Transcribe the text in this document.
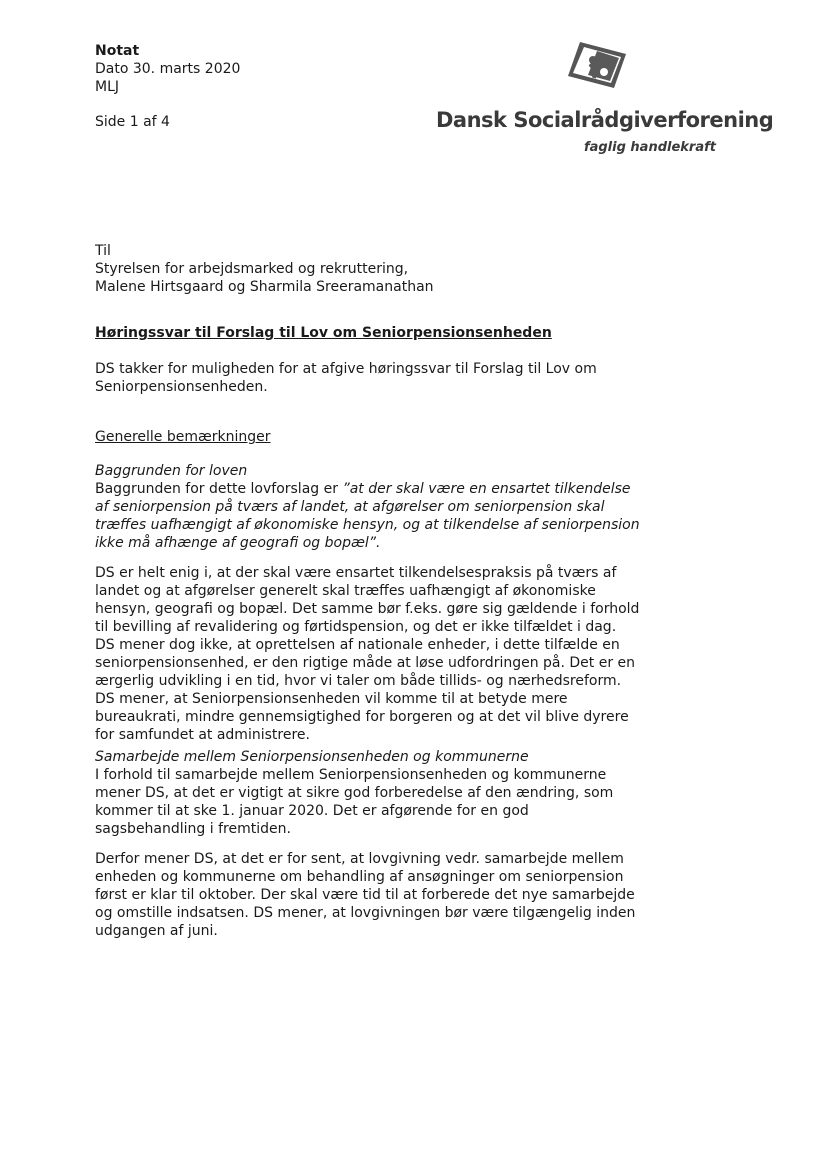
Notat
Dato 30. marts 2020
MLJ
Side 1 af 4	Dansk Socialrådgiverforening
faglig handlekraft
Til
Styrelsen for arbejdsmarked og rekruttering,
Malene Hirtsgaard og Sharmila Sreeramanathan
Høringssvar til Forslag til Lov om Seniorpensionsenheden

DS takker for muligheden for at afgive høringssvar til Forslag til Lov om Seniorpensionsenheden.

Generelle bemærkninger
Baggrunden for loven

Baggrunden for dette lovforslag er ”at der skal være en ensartet tilkendelse af seniorpension på tværs af landet, at afgørelser om seniorpension skal træffes uafhængigt af økonomiske hensyn, og at tilkendelse af seniorpension ikke må afhænge af geografi og bopæl”.

DS er helt enig i, at der skal være ensartet tilkendelsespraksis på tværs af landet og at afgørelser generelt skal træffes uafhængigt af økonomiske hensyn, geografi og bopæl. Det samme bør f.eks. gøre sig gældende i forhold til bevilling af revalidering og førtidspension, og det er ikke tilfældet i dag. DS mener dog ikke, at oprettelsen af nationale enheder, i dette tilfælde en seniorpensionsenhed, er den rigtige måde at løse udfordringen på. Det er en ærgerlig udvikling i en tid, hvor vi taler om både tillids- og nærhedsreform. DS mener, at Seniorpensionsenheden vil komme til at betyde mere bureaukrati, mindre gennemsigtighed for borgeren og at det vil blive dyrere for samfundet at administrere.

Samarbejde mellem Seniorpensionsenheden og kommunerne

I forhold til samarbejde mellem Seniorpensionsenheden og kommunerne mener DS, at det er vigtigt at sikre god forberedelse af den ændring, som kommer til at ske 1. januar 2020. Det er afgørende for en god sagsbehandling i fremtiden.

Derfor mener DS, at det er for sent, at lovgivning vedr. samarbejde mellem enheden og kommunerne om behandling af ansøgninger om seniorpension først er klar til oktober. Der skal være tid til at forberede det nye samarbejde og omstille indsatsen. DS mener, at lovgivningen bør være tilgængelig inden udgangen af juni.
